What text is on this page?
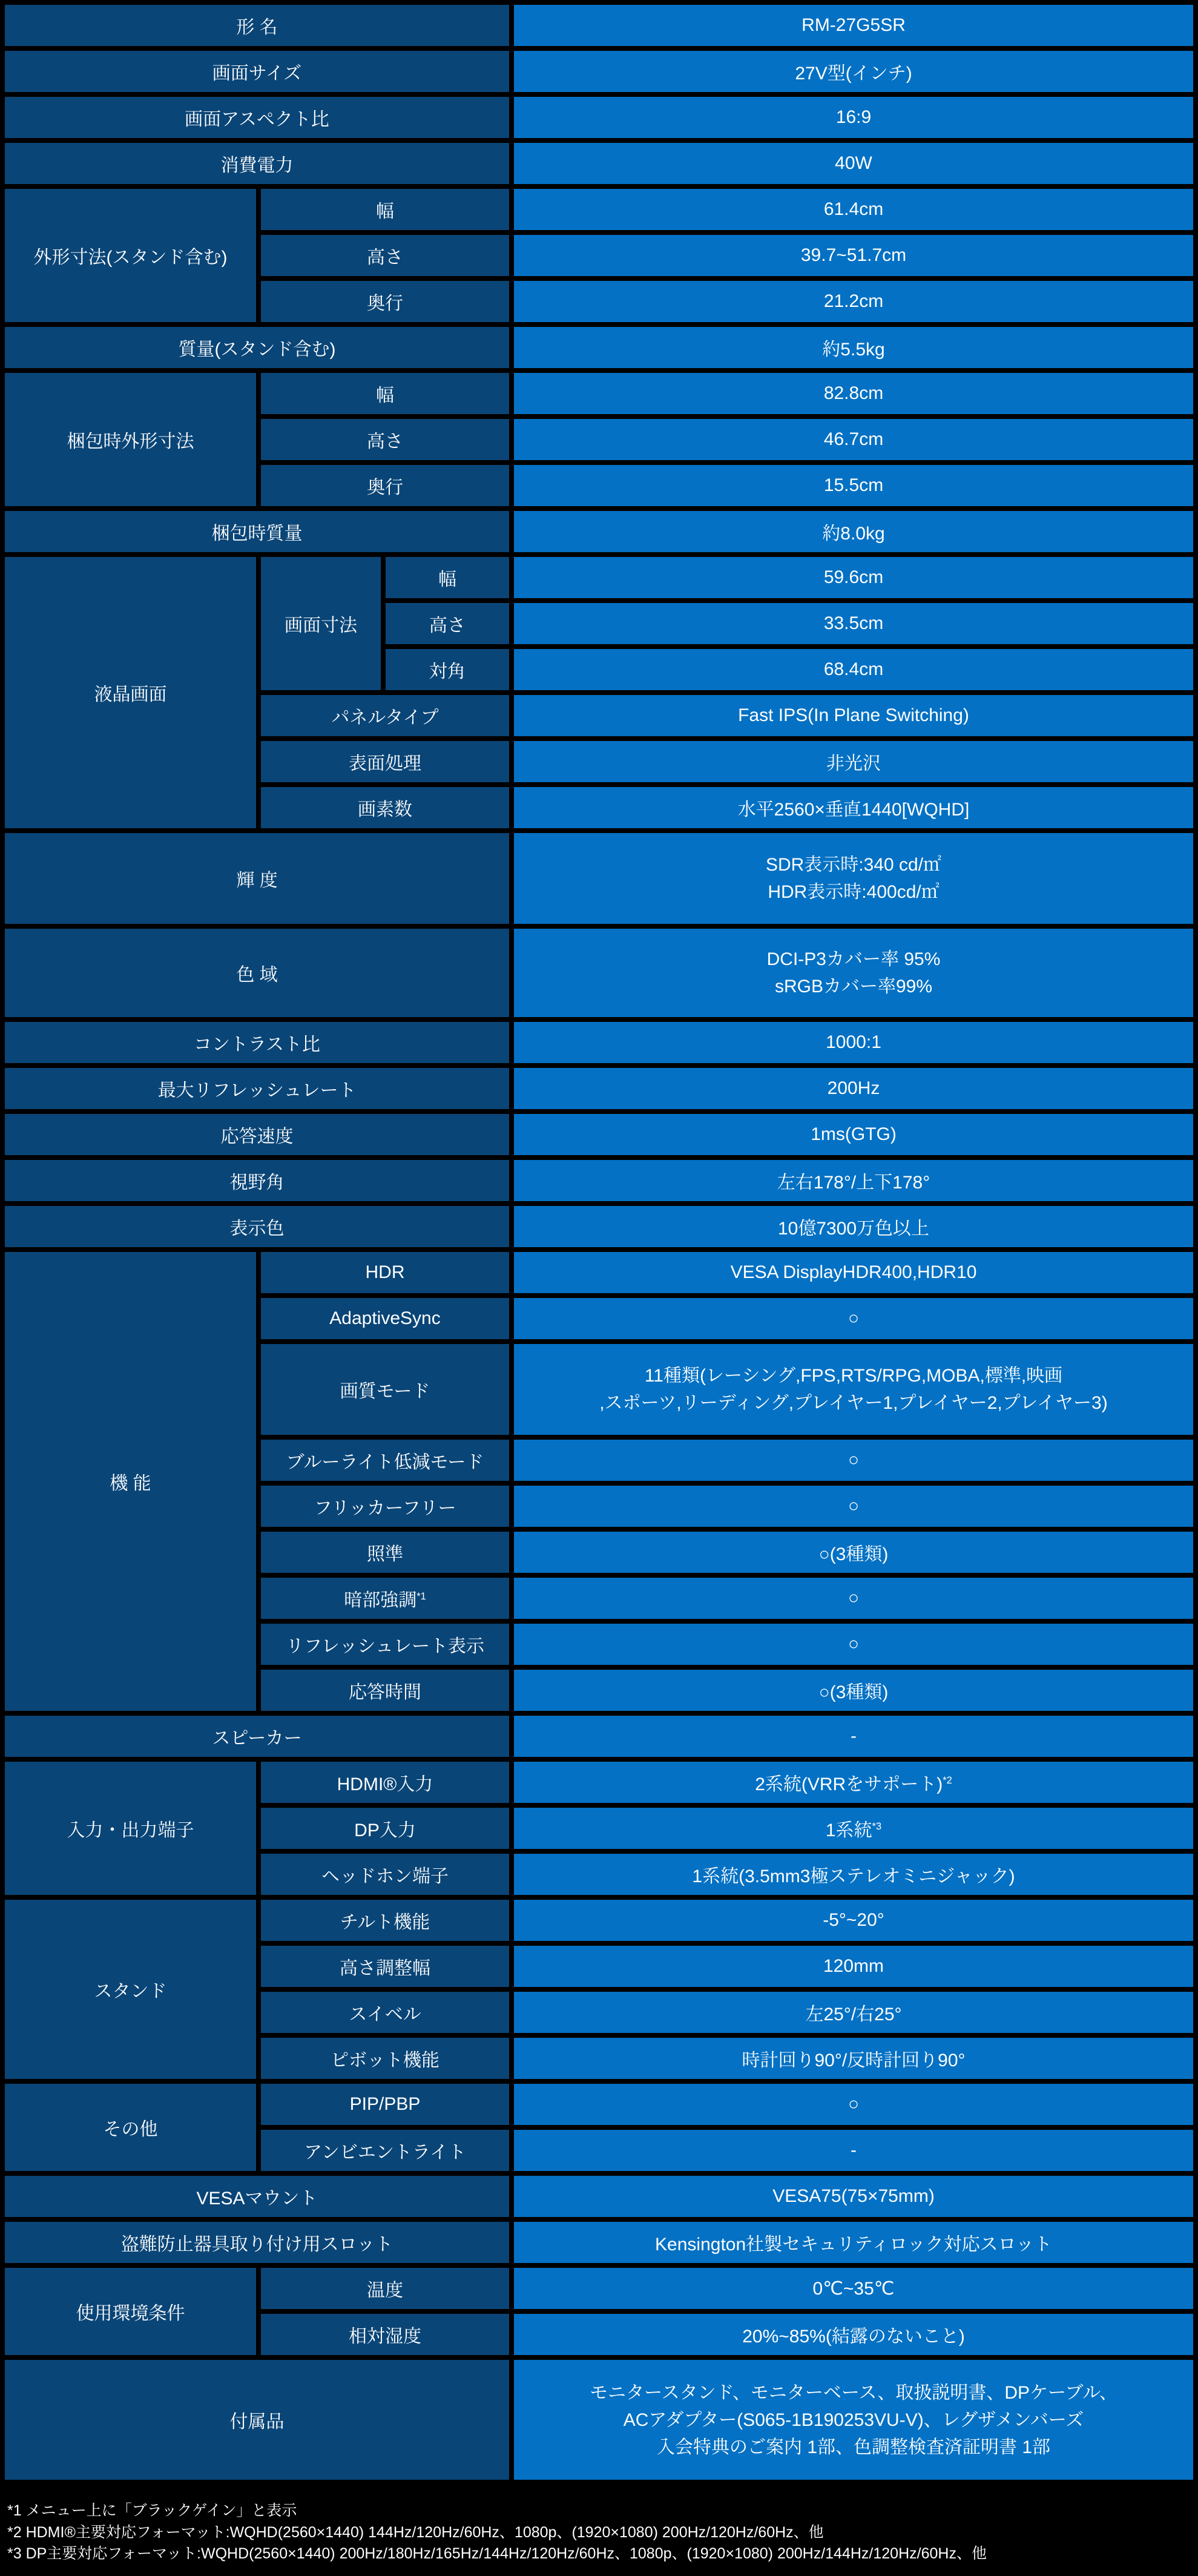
形 名			RM-27G5SR
画面サイズ			27V型(インチ)
画面アスペクト比			16:9
消費電力			40W
外形寸法(スタンド含む)	幅		61.4cm
	高さ		39.7~51.7cm
	奥行		21.2cm
質量(スタンド含む)			約5.5kg
梱包時外形寸法	幅		82.8cm
	高さ		46.7cm
	奥行		15.5cm
梱包時質量			約8.0kg
液晶画面	画面寸法	幅	59.6cm
		高さ	33.5cm
		対角	68.4cm
	パネルタイプ		Fast IPS(In Plane Switching)
	表面処理		非光沢
	画素数		水平2560×垂直1440[WQHD]
輝 度			SDR表示時:340 cd/㎡
HDR表示時:400cd/㎡

色 域			DCI-P3カバー率 95%
sRGBカバー率99%

コントラスト比			1000:1
最大リフレッシュレート			200Hz
応答速度			1ms(GTG)
視野角			左右178°/上下178°
表示色			10億7300万色以上
機 能	HDR		VESA DisplayHDR400,HDR10
	AdaptiveSync		○
	画質モード		11種類(レーシング,FPS,RTS/RPG,MOBA,標準,映画
,スポーツ,リーディング,プレイヤー1,プレイヤー2,プレイヤー3)

	ブルーライト低減モード		○
	フリッカーフリー		○
	照準		○(3種類)
	暗部強調$^{*1}$		○
	リフレッシュレート表示		○
	応答時間		○(3種類)
スピーカー			-
入力・出力端子	HDMI®入力		2系統(VRRをサポート)$^{*2}$
	DP入力		1系統$^{*3}$
	ヘッドホン端子		1系統(3.5mm3極ステレオミニジャック)
スタンド	チルト機能		-5°~20°
	高さ調整幅		120mm
	スイベル		左25°/右25°
	ピボット機能		時計回り90°/反時計回り90°
その他	PIP/PBP		○
	アンビエントライト		-
VESAマウント			VESA75(75×75mm)
盗難防止器具取り付け用スロット			Kensington社製セキュリティロック対応スロット
使用環境条件	温度		0℃~35℃
	相対湿度		20%~85%(結露のないこと)
付属品			モニタースタンド、モニターベース、取扱説明書、DPケーブル、
ACアダプター(S065-1B190253VU-V)、レグザメンバーズ
入会特典のご案内 1部、色調整検査済証明書 1部
*1 メニュー上に「ブラックゲイン」と表示
*2 HDMI®主要対応フォーマット:WQHD(2560×1440) 144Hz/120Hz/60Hz、1080p、(1920×1080) 200Hz/120Hz/60Hz、他
*3 DP主要対応フォーマット:WQHD(2560×1440) 200Hz/180Hz/165Hz/144Hz/120Hz/60Hz、1080p、(1920×1080) 200Hz/144Hz/120Hz/60Hz、他
